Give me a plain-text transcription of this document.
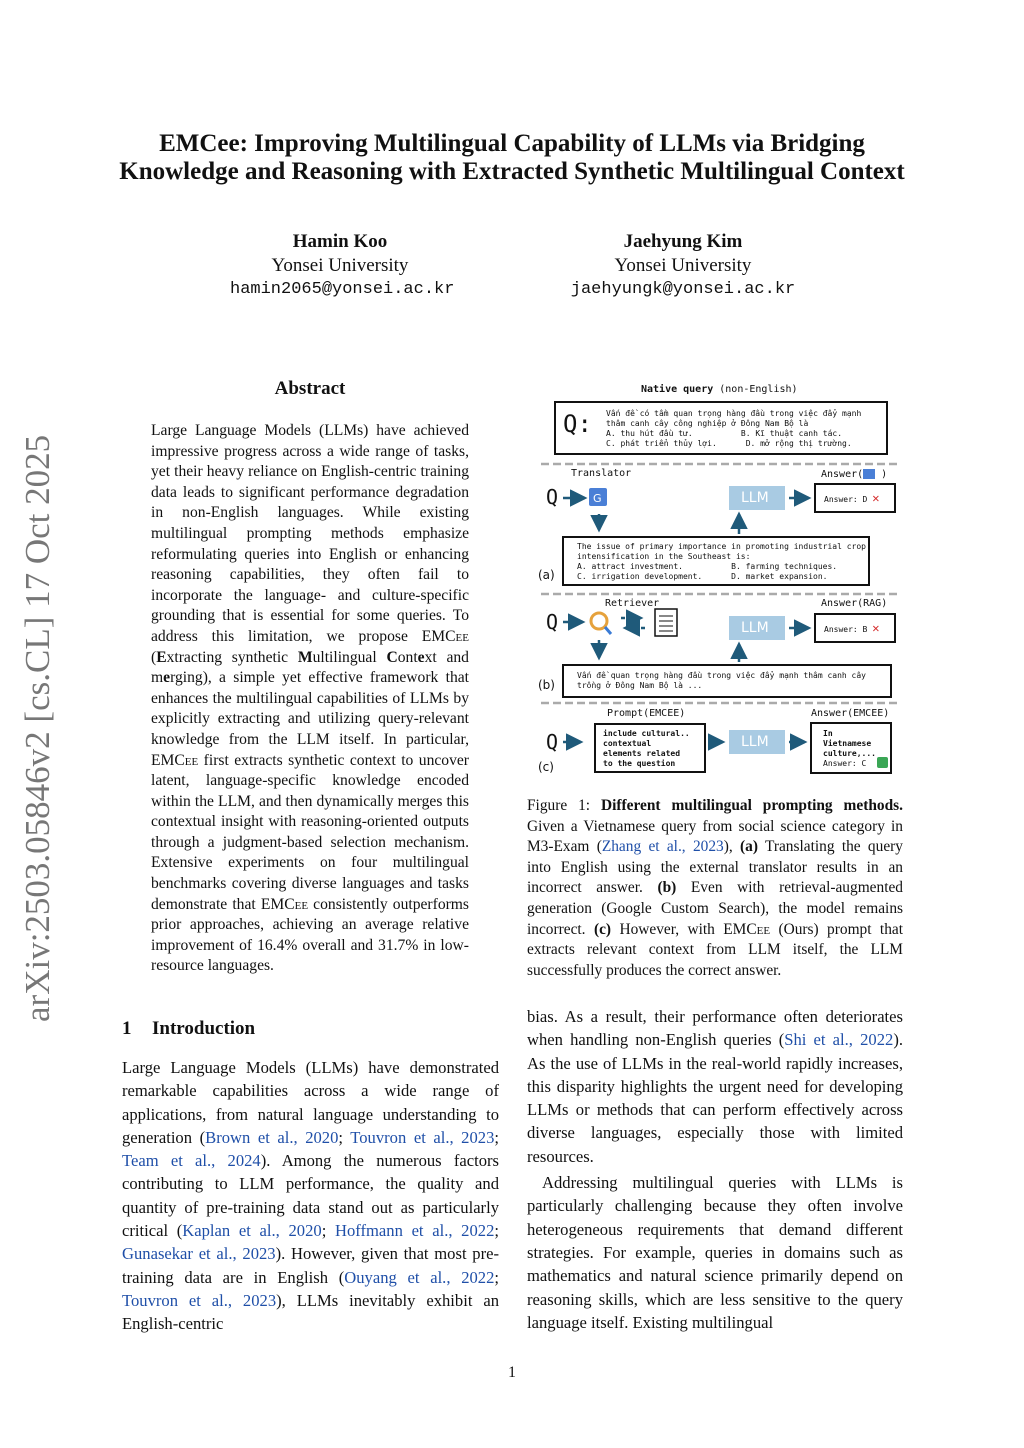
EMCee: Improving Multilingual Capability of LLMs via Bridging
Knowledge and Reasoning with Extracted Synthetic Multilingual Context
Hamin Koo
Yonsei University
hamin2065@yonsei.ac.kr
Jaehyung Kim
Yonsei University
jaehyungk@yonsei.ac.kr
arXiv:2503.05846v2 [cs.CL] 17 Oct 2025
Abstract
Large Language Models (LLMs) have achieved impressive progress across a wide range of tasks, yet their heavy reliance on English-centric training data leads to significant performance degradation in non-English languages. While existing multilingual prompting methods emphasize reformulating queries into English or enhancing reasoning capabilities, they often fail to incorporate the language- and culture-specific grounding that is essential for some queries. To address this limitation, we propose EMCee (Extracting synthetic Multilingual Context and merging), a simple yet effective framework that enhances the multilingual capabilities of LLMs by explicitly extracting and utilizing query-relevant knowledge from the LLM itself. In particular, EMCee first extracts synthetic context to uncover latent, language-specific knowledge encoded within the LLM, and then dynamically merges this contextual insight with reasoning-oriented outputs through a judgment-based selection mechanism. Extensive experiments on four multilingual benchmarks covering diverse languages and tasks demonstrate that EMCee consistently outperforms prior approaches, achieving an average relative improvement of 16.4% overall and 31.7% in low-resource languages.
1 Introduction
Large Language Models (LLMs) have demonstrated remarkable capabilities across a wide range of applications, from natural language understanding to generation (Brown et al., 2020; Touvron et al., 2023; Team et al., 2024). Among the numerous factors contributing to LLM performance, the quality and quantity of pre-training data stand out as particularly critical (Kaplan et al., 2020; Hoffmann et al., 2022; Gunasekar et al., 2023). However, given that most pre-training data are in English (Ouyang et al., 2022; Touvron et al., 2023), LLMs inevitably exhibit an English-centric

bias. As a result, their performance often deteriorates when handling non-English queries (Shi et al., 2022). As the use of LLMs in the real-world rapidly increases, this disparity highlights the urgent need for developing LLMs or methods that can perform effectively across diverse languages, especially those with limited resources.

Addressing multilingual queries with LLMs is particularly challenging because they often involve heterogeneous requirements that demand different strategies. For example, queries in domains such as mathematics and natural science primarily depend on reasoning skills, which are less sensitive to the query language itself. Existing multilingual

Figure 1: Different multilingual prompting methods. Given a Vietnamese query from social science category in M3-Exam (Zhang et al., 2023), (a) Translating the query into English using the external translator results in an incorrect answer. (b) Even with retrieval-augmented generation (Google Custom Search), the model remains incorrect. (c) However, with EMCee (Ours) prompt that extracts relevant context from LLM itself, the LLM successfully produces the correct answer.
G
Native query (non-English)
Q: Vấn đề có tầm quan trọng hàng đầu trong việc đẩy mạnh
thâm canh cây công nghiệp ở Đông Nam Bộ là
A. thu hút đầu tư.	B. Kĩ thuật canh tác.
C. phát triển thủy lợi.	D. mở rộng thị trường.
Translator	Answer( )
Q	LLM	Answer: D ✕
The issue of primary importance in promoting industrial crop
intensification in the Southeast is:
A. attract investment.	B. farming techniques.
C. irrigation development.	D. market expansion.
(a)
Retriever	Answer(RAG)
Q	LLM	Answer: B ✕
Vấn đề quan trọng hàng đầu trong việc đẩy mạnh thâm canh cây
trồng ở Đông Nam Bộ là ...
(b)
Prompt(EMCEE)	Answer(EMCEE)
Q	include cultural..
contextual
elements related
to the question
LLM
In
Vietnamese
culture,...
Answer: C
(c)
1
